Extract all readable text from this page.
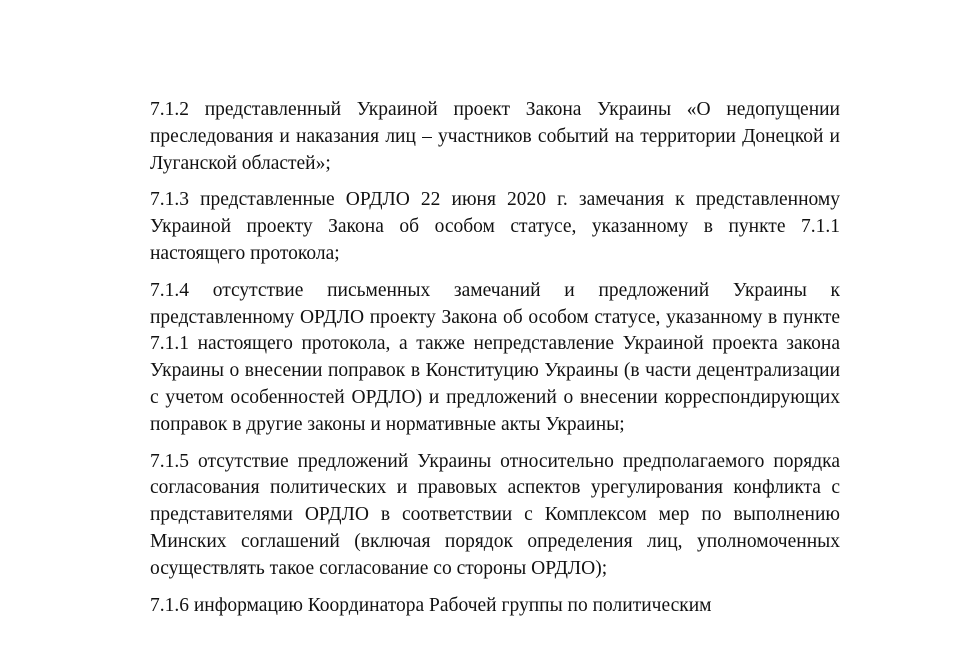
7.1.2 представленный Украиной проект Закона Украины «О недопущении преследования и наказания лиц – участников событий на территории Донецкой и Луганской областей»;

7.1.3 представленные ОРДЛО 22 июня 2020 г. замечания к представленному Украиной проекту Закона об особом статусе, указанному в пункте 7.1.1 настоящего протокола;

7.1.4 отсутствие письменных замечаний и предложений Украины к представленному ОРДЛО проекту Закона об особом статусе, указанному в пункте 7.1.1 настоящего протокола, а также непредставление Украиной проекта закона Украины о внесении поправок в Конституцию Украины (в части децентрализации с учетом особенностей ОРДЛО) и предложений о внесении корреспондирующих поправок в другие законы и нормативные акты Украины;

7.1.5 отсутствие предложений Украины относительно предполагаемого порядка согласования политических и правовых аспектов урегулирования конфликта с представителями ОРДЛО в соответствии с Комплексом мер по выполнению Минских соглашений (включая порядок определения лиц, уполномоченных осуществлять такое согласование со стороны ОРДЛО);

7.1.6 информацию Координатора Рабочей группы по политическим
